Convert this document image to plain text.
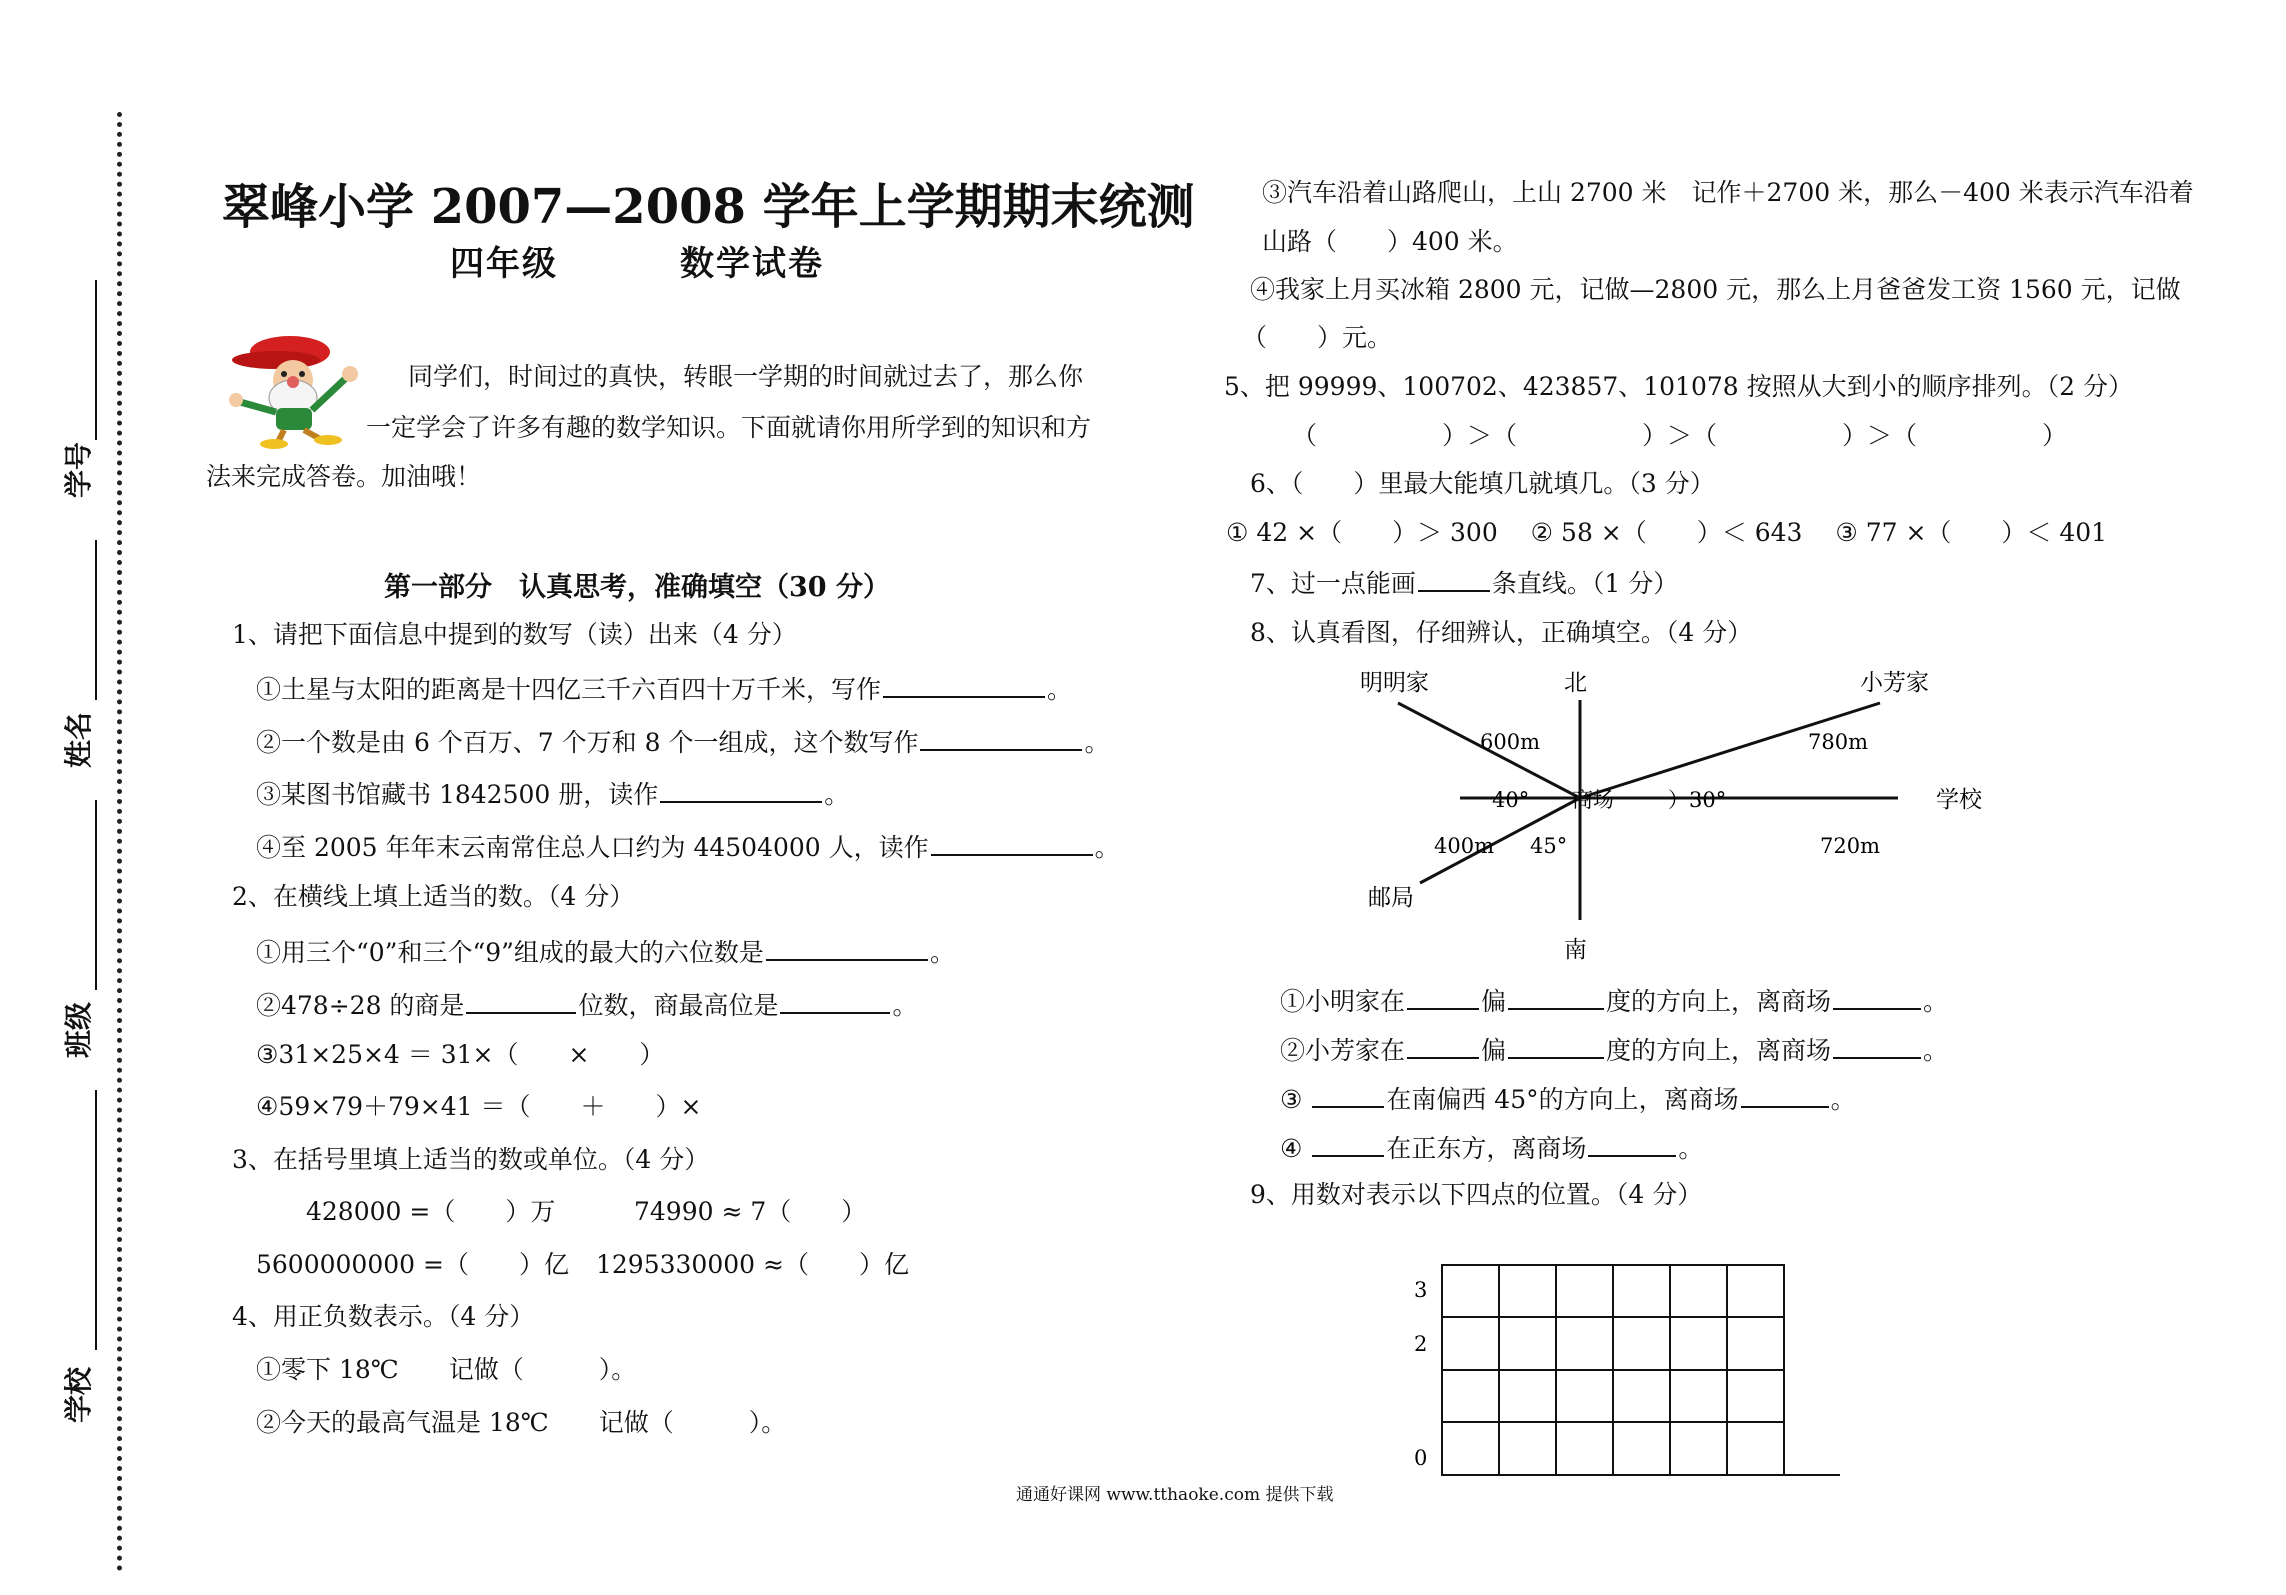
学号
姓名
班级
学校
翠峰小学 2007—2008 学年上学期期末统测
四年级	数学试卷
同学们，时间过的真快，转眼一学期的时间就过去了，那么你
一定学会了许多有趣的数学知识。下面就请你用所学到的知识和方
法来完成答卷。加油哦！
第一部分　认真思考，准确填空（30 分）
1、请把下面信息中提到的数写（读）出来（4 分）
①土星与太阳的距离是十四亿三千六百四十万千米，写作	。
②一个数是由 6 个百万、7 个万和 8 个一组成，这个数写作	。
③某图书馆藏书 1842500 册，读作	。
④至 2005 年年末云南常住总人口约为 44504000 人，读作	。
2、在横线上填上适当的数。（4 分）
①用三个“0”和三个“9”组成的最大的六位数是	。
②478÷28 的商是	位数，商最高位是	。
③31×25×4 ＝ 31×（　　×　　）
④59×79＋79×41 ＝（　　＋　　）×
3、在括号里填上适当的数或单位。（4 分）
428000 =（　　）万	74990 ≈ 7（　　）
5600000000 =（　　）亿 1295330000 ≈（　　）亿
4、用正负数表示。（4 分）
①零下 18℃　　记做（　　　）。
②今天的最高气温是 18℃　　记做（　　　）。
③汽车沿着山路爬山，上山 2700 米　记作＋2700 米，那么－400 米表示汽车沿着
山路（　　）400 米。
④我家上月买冰箱 2800 元，记做—2800 元，那么上月爸爸发工资 1560 元，记做
（　　）元。
5、把 99999、100702、423857、101078 按照从大到小的顺序排列。（2 分）
（　　　　　）＞（　　　　　）＞（　　　　　）＞（　　　　　）
6、（　　）里最大能填几就填几。（3 分）
① 42 ×（　　）＞ 300　 ② 58 ×（　　）＜ 643　 ③ 77 ×（　　）＜ 401
7、过一点能画	条直线。（1 分）
8、认真看图，仔细辨认，正确填空。（4 分）
北
南
明明家	小芳家
学校
邮局
商场
600m	780m
400m	720m
40°	）30°
45°
①小明家在	偏	度的方向上，离商场	。
②小芳家在	偏	度的方向上，离商场	。
③	在南偏西 45°的方向上，离商场	。
④	在正东方，离商场	。
9、用数对表示以下四点的位置。（4 分）
3
2
0
通通好课网 www.tthaoke.com 提供下载
